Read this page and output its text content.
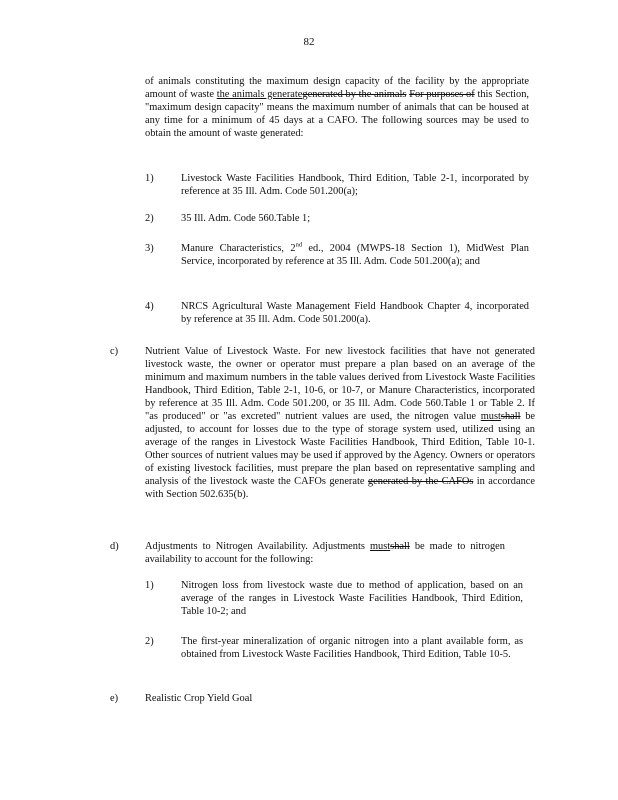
82
of animals constituting the maximum design capacity of the facility by the appropriate amount of waste the animals generategenerated by the animals For purposes of this Section, "maximum design capacity" means the maximum number of animals that can be housed at any time for a minimum of 45 days at a CAFO. The following sources may be used to obtain the amount of waste generated:
1)	Livestock Waste Facilities Handbook, Third Edition, Table 2-1, incorporated by reference at 35 Ill. Adm. Code 501.200(a);
2)	35 Ill. Adm. Code 560.Table 1;
3)	Manure Characteristics, 2nd ed., 2004 (MWPS-18 Section 1), MidWest Plan Service, incorporated by reference at 35 Ill. Adm. Code 501.200(a); and
4)	NRCS Agricultural Waste Management Field Handbook Chapter 4, incorporated by reference at 35 Ill. Adm. Code 501.200(a).
c)	Nutrient Value of Livestock Waste. For new livestock facilities that have not generated livestock waste, the owner or operator must prepare a plan based on an average of the minimum and maximum numbers in the table values derived from Livestock Waste Facilities Handbook, Third Edition, Table 2-1, 10-6, or 10-7, or Manure Characteristics, incorporated by reference at 35 Ill. Adm. Code 501.200, or 35 Ill. Adm. Code 560.Table 1 or Table 2. If "as produced" or "as excreted" nutrient values are used, the nitrogen value mustshall be adjusted, to account for losses due to the type of storage system used, utilized using an average of the ranges in Livestock Waste Facilities Handbook, Third Edition, Table 10-1. Other sources of nutrient values may be used if approved by the Agency. Owners or operators of existing livestock facilities, must prepare the plan based on representative sampling and analysis of the livestock waste the CAFOs generate generated by the CAFOs in accordance with Section 502.635(b).
d)	Adjustments to Nitrogen Availability. Adjustments mustshall be made to nitrogen availability to account for the following:
1)	Nitrogen loss from livestock waste due to method of application, based on an average of the ranges in Livestock Waste Facilities Handbook, Third Edition, Table 10-2; and
2)	The first-year mineralization of organic nitrogen into a plant available form, as obtained from Livestock Waste Facilities Handbook, Third Edition, Table 10-5.
e)	Realistic Crop Yield Goal
